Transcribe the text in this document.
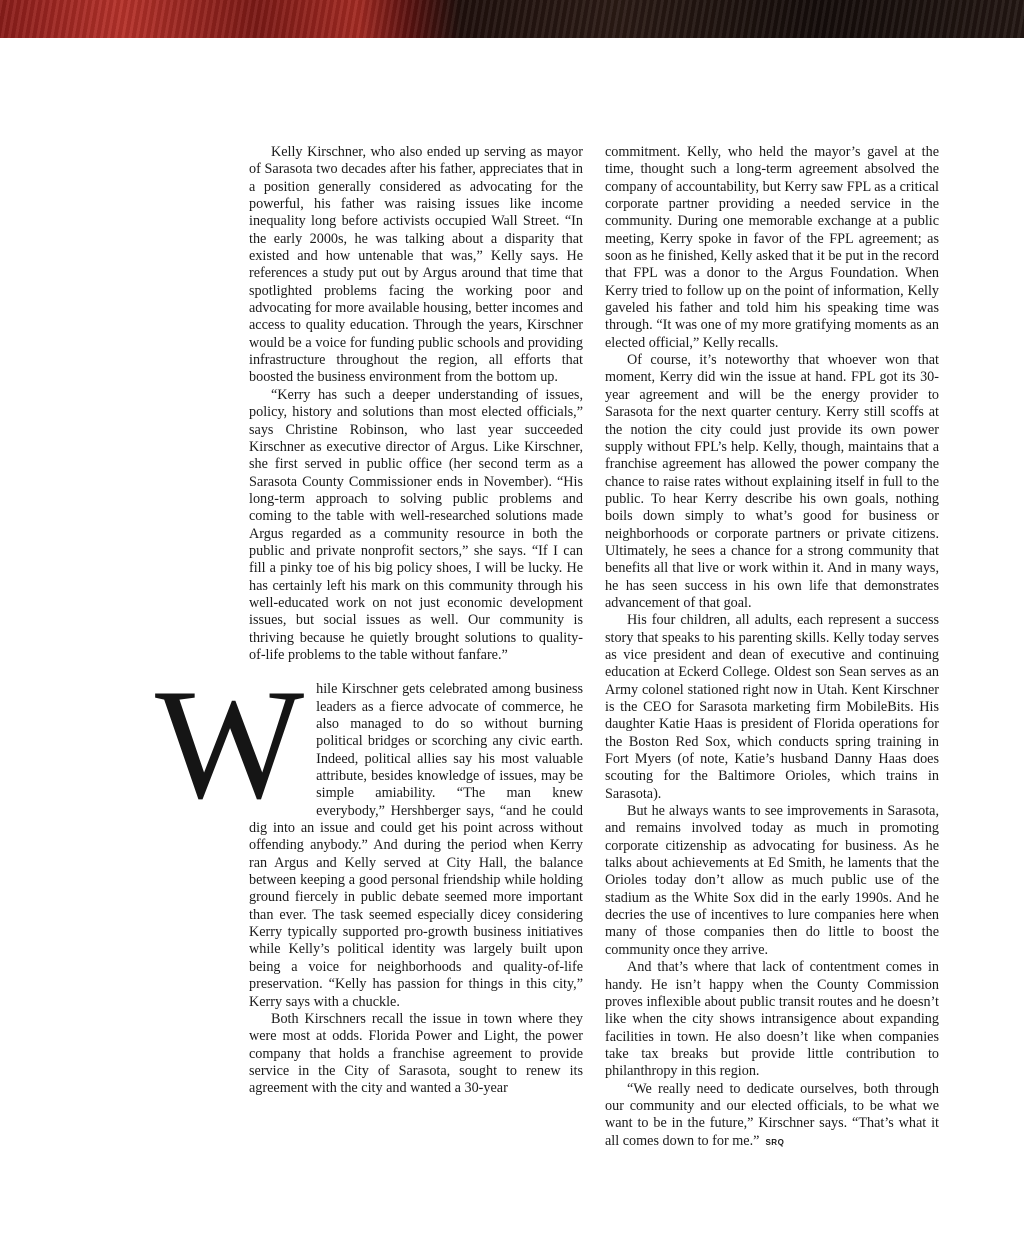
Kelly Kirschner, who also ended up serving as mayor of Sarasota two decades after his father, appreciates that in a position generally considered as advocating for the powerful, his father was raising issues like income inequality long before activists occupied Wall Street. “In the early 2000s, he was talking about a disparity that existed and how untenable that was,” Kelly says. He references a study put out by Argus around that time that spotlighted problems facing the working poor and advocating for more available housing, better incomes and access to quality education. Through the years, Kirschner would be a voice for funding public schools and providing infrastructure throughout the region, all efforts that boosted the business environment from the bottom up.

“Kerry has such a deeper understanding of issues, policy, history and solutions than most elected officials,” says Christine Robinson, who last year succeeded Kirschner as executive director of Argus. Like Kirschner, she first served in public office (her second term as a Sarasota County Commissioner ends in November). “His long-term approach to solving public problems and coming to the table with well-researched solutions made Argus regarded as a community resource in both the public and private nonprofit sectors,” she says. “If I can fill a pinky toe of his big policy shoes, I will be lucky. He has certainly left his mark on this community through his well-educated work on not just economic development issues, but social issues as well. Our community is thriving because he quietly brought solutions to quality-of-life problems to the table without fanfare.”

W hile Kirschner gets celebrated among business leaders as a fierce advocate of commerce, he also managed to do so without burning political bridges or scorching any civic earth. Indeed, political allies say his most valuable attribute, besides knowledge of issues, may be simple amiability. “The man knew everybody,” Hershberger says, “and he could dig into an issue and could get his point across without offending anybody.” And during the period when Kerry ran Argus and Kelly served at City Hall, the balance between keeping a good personal friendship while holding ground fiercely in public debate seemed more important than ever. The task seemed especially dicey considering Kerry typically supported pro-growth business initiatives while Kelly’s political identity was largely built upon being a voice for neighborhoods and quality-of-life preservation. “Kelly has passion for things in this city,” Kerry says with a chuckle.

Both Kirschners recall the issue in town where they were most at odds. Florida Power and Light, the power company that holds a franchise agreement to provide service in the City of Sarasota, sought to renew its agreement with the city and wanted a 30-year

commitment. Kelly, who held the mayor’s gavel at the time, thought such a long-term agreement absolved the company of accountability, but Kerry saw FPL as a critical corporate partner providing a needed service in the community. During one memorable exchange at a public meeting, Kerry spoke in favor of the FPL agreement; as soon as he finished, Kelly asked that it be put in the record that FPL was a donor to the Argus Foundation. When Kerry tried to follow up on the point of information, Kelly gaveled his father and told him his speaking time was through. “It was one of my more gratifying moments as an elected official,” Kelly recalls.

Of course, it’s noteworthy that whoever won that moment, Kerry did win the issue at hand. FPL got its 30-year agreement and will be the energy provider to Sarasota for the next quarter century. Kerry still scoffs at the notion the city could just provide its own power supply without FPL’s help. Kelly, though, maintains that a franchise agreement has allowed the power company the chance to raise rates without explaining itself in full to the public. To hear Kerry describe his own goals, nothing boils down simply to what’s good for business or neighborhoods or corporate partners or private citizens. Ultimately, he sees a chance for a strong community that benefits all that live or work within it. And in many ways, he has seen success in his own life that demonstrates advancement of that goal.

His four children, all adults, each represent a success story that speaks to his parenting skills. Kelly today serves as vice president and dean of executive and continuing education at Eckerd College. Oldest son Sean serves as an Army colonel stationed right now in Utah. Kent Kirschner is the CEO for Sarasota marketing firm MobileBits. His daughter Katie Haas is president of Florida operations for the Boston Red Sox, which conducts spring training in Fort Myers (of note, Katie’s husband Danny Haas does scouting for the Baltimore Orioles, which trains in Sarasota).

But he always wants to see improvements in Sarasota, and remains involved today as much in promoting corporate citizenship as advocating for business. As he talks about achievements at Ed Smith, he laments that the Orioles today don’t allow as much public use of the stadium as the White Sox did in the early 1990s. And he decries the use of incentives to lure companies here when many of those companies then do little to boost the community once they arrive.

And that’s where that lack of contentment comes in handy. He isn’t happy when the County Commission proves inflexible about public transit routes and he doesn’t like when the city shows intransigence about expanding facilities in town. He also doesn’t like when companies take tax breaks but provide little contribution to philanthropy in this region.

“We really need to dedicate ourselves, both through our community and our elected officials, to be what we want to be in the future,” Kirschner says. “That’s what it all comes down to for me.” SRQ
